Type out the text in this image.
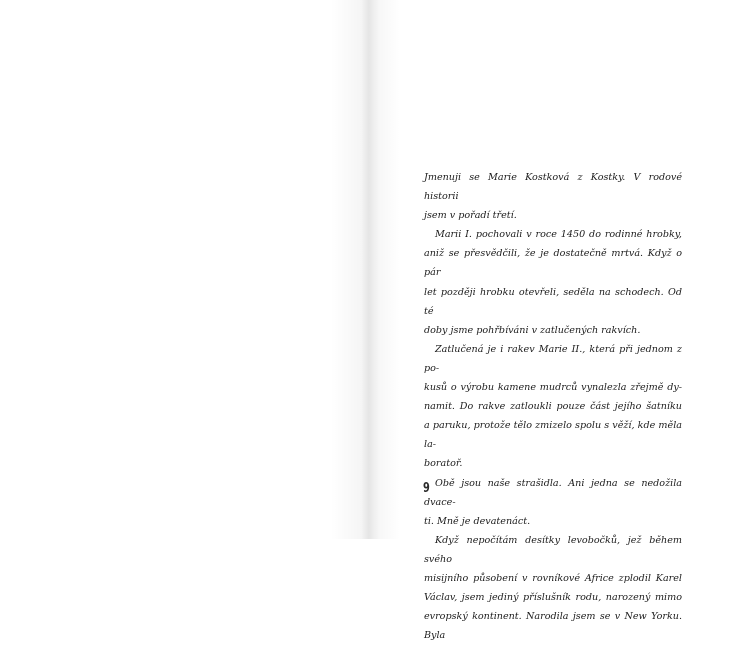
Jmenuji se Marie Kostková z Kostky. V rodové historii

jsem v pořadí třetí.

Marii I. pochovali v roce 1450 do rodinné hrobky,

aniž se přesvědčili, že je dostatečně mrtvá. Když o pár

let později hrobku otevřeli, seděla na schodech. Od té

doby jsme pohřbíváni v zatlučených rakvích.

Zatlučená je i rakev Marie II., která při jednom z po-

kusů o výrobu kamene mudrců vynalezla zřejmě dy-

namit. Do rakve zatloukli pouze část jejího šatníku

a paruku, protože tělo zmizelo spolu s věží, kde měla la-

boratoř.

Obě jsou naše strašidla. Ani jedna se nedožila dvace-

ti. Mně je devatenáct.

Když nepočítám desítky levobočků, jež během svého

misijního působení v rovníkové Africe zplodil Karel

Václav, jsem jediný příslušník rodu, narozený mimo

evropský kontinent. Narodila jsem se v New Yorku. Byla

9
